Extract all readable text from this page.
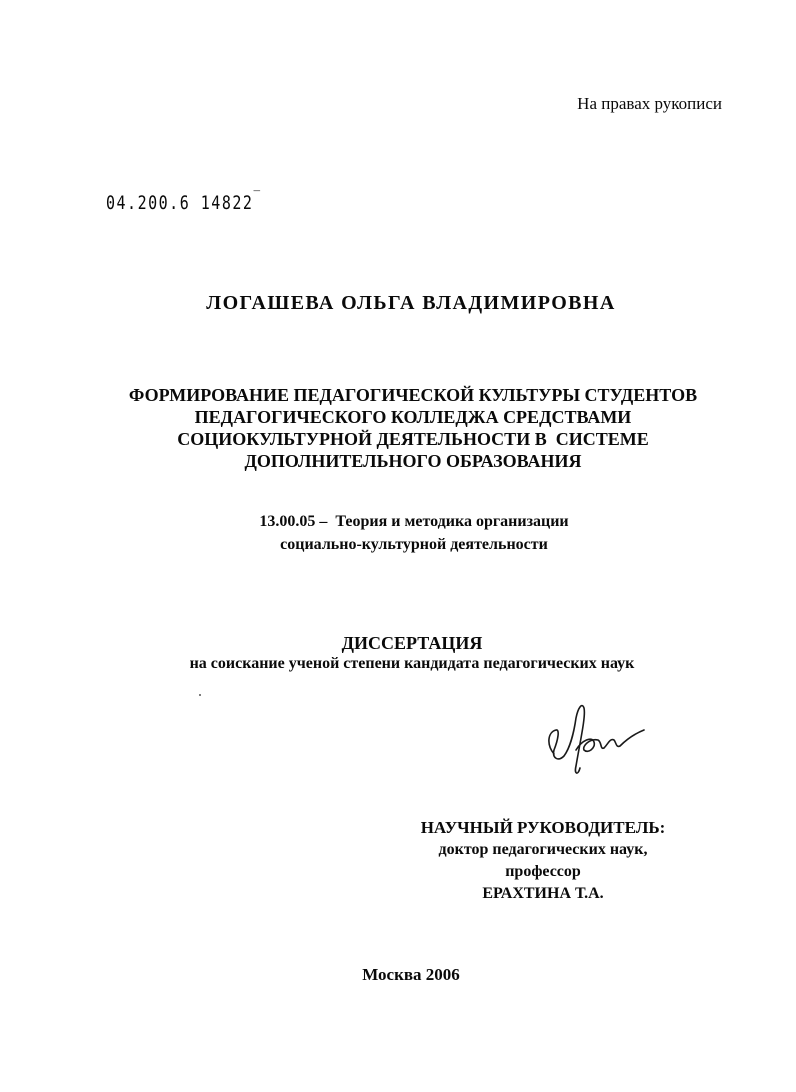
На правах рукописи
04.200.6 14822‾
ЛОГАШЕВА ОЛЬГА ВЛАДИМИРОВНА
ФОРМИРОВАНИЕ ПЕДАГОГИЧЕСКОЙ КУЛЬТУРЫ СТУДЕНТОВ
ПЕДАГОГИЧЕСКОГО КОЛЛЕДЖА СРЕДСТВАМИ
СОЦИОКУЛЬТУРНОЙ ДЕЯТЕЛЬНОСТИ В  СИСТЕМЕ
ДОПОЛНИТЕЛЬНОГО ОБРАЗОВАНИЯ
13.00.05 –  Теория и методика организации
социально-культурной деятельности
ДИССЕРТАЦИЯ
на соискание ученой степени кандидата педагогических наук
НАУЧНЫЙ РУКОВОДИТЕЛЬ:
доктор педагогических наук,
профессор
ЕРАХТИНА Т.А.
Москва 2006
